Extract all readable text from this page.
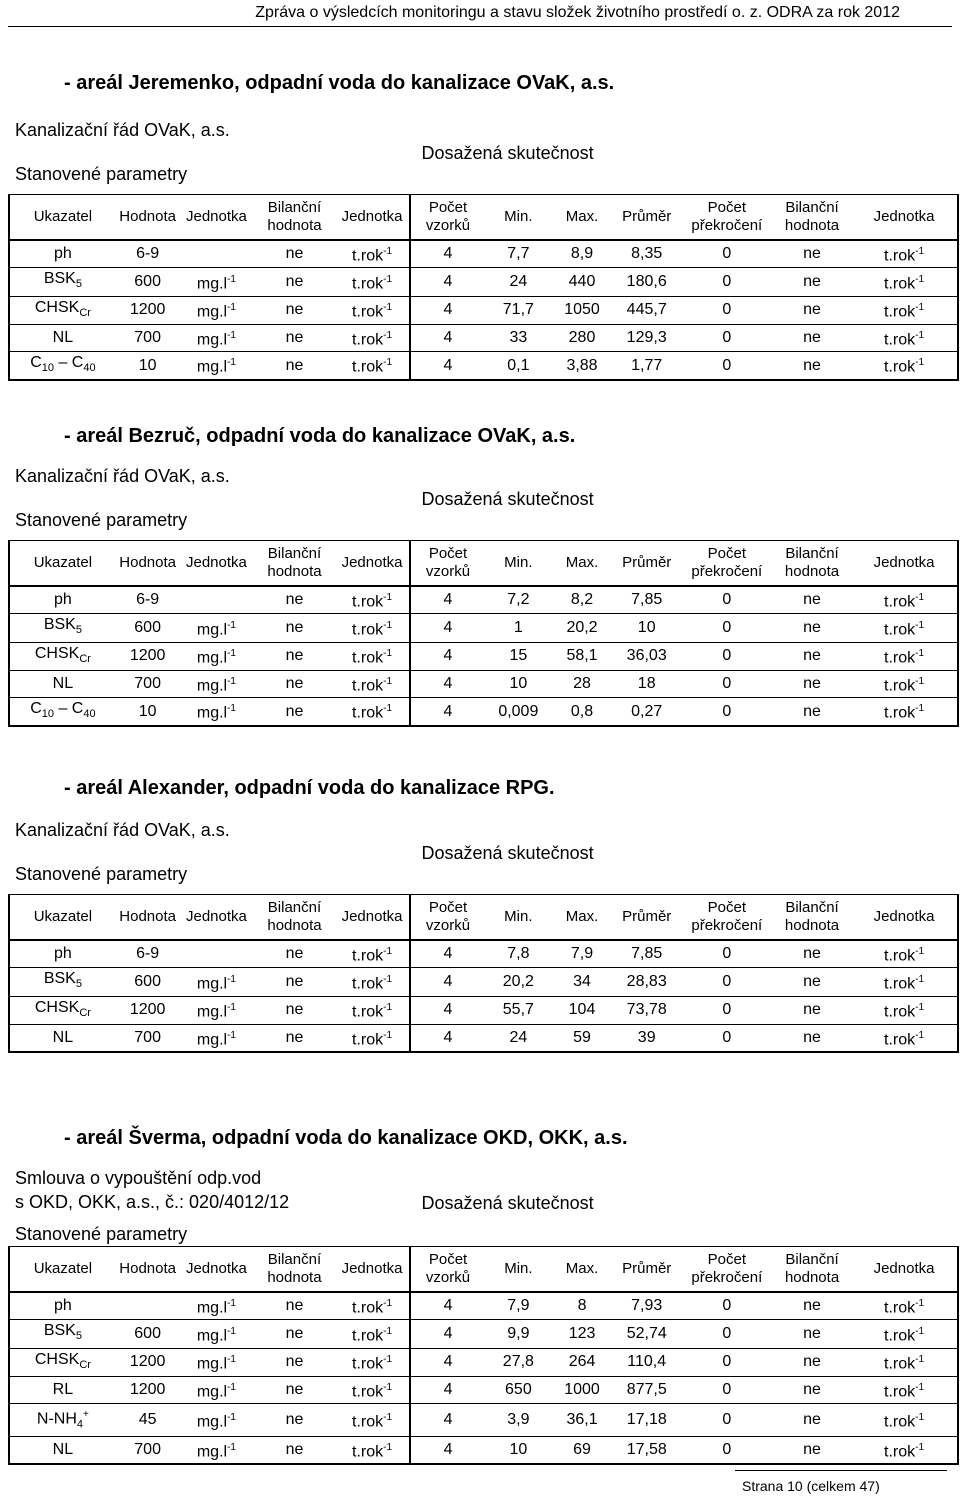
Zpráva o výsledcích monitoringu a stavu složek životního prostředí o. z. ODRA za rok 2012
- areál Jeremenko, odpadní voda do kanalizace OVaK, a.s.
Kanalizační řád OVaK, a.s.
Stanovené parametry					Dosažená skutečnost						
Ukazatel	Hodnota	Jednotka	Bilanční hodnota	Jednotka	Počet vzorků	Min.	Max.	Průměr	Počet překročení	Bilanční hodnota	Jednotka
ph	6-9		ne	t.rok$^{-1}$	4	7,7	8,9	8,35	0	ne	t.rok$^{-1}$
$BSK_5$	600	$mg.l^{-1}$	ne	t.rok$^{-1}$	4	24	440	180,6	0	ne	t.rok$^{-1}$
$CHSK_{Cr}$	1200	$mg.l^{-1}$	ne	t.rok$^{-1}$	4	71,7	1050	445,7	0	ne	t.rok$^{-1}$
NL	700	$mg.l^{-1}$	ne	t.rok$^{-1}$	4	33	280	129,3	0	ne	t.rok$^{-1}$
$C_{10} - C_{40}$	10	$mg.l^{-1}$	ne	t.rok$^{-1}$	4	0,1	3,88	1,77	0	ne	t.rok$^{-1}$
- areál Bezruč, odpadní voda do kanalizace OVaK, a.s.
Kanalizační řád OVaK, a.s.
Stanovené parametry					Dosažená skutečnost						
Ukazatel	Hodnota	Jednotka	Bilanční hodnota	Jednotka	Počet vzorků	Min.	Max.	Průměr	Počet překročení	Bilanční hodnota	Jednotka
ph	6-9		ne	t.rok$^{-1}$	4	7,2	8,2	7,85	0	ne	t.rok$^{-1}$
$BSK_5$	600	$mg.l^{-1}$	ne	t.rok$^{-1}$	4	1	20,2	10	0	ne	t.rok$^{-1}$
$CHSK_{Cr}$	1200	$mg.l^{-1}$	ne	t.rok$^{-1}$	4	15	58,1	36,03	0	ne	t.rok$^{-1}$
NL	700	$mg.l^{-1}$	ne	t.rok$^{-1}$	4	10	28	18	0	ne	t.rok$^{-1}$
$C_{10} - C_{40}$	10	$mg.l^{-1}$	ne	t.rok$^{-1}$	4	0,009	0,8	0,27	0	ne	t.rok$^{-1}$
- areál Alexander, odpadní voda do kanalizace RPG.
Kanalizační řád OVaK, a.s.
Stanovené parametry					Dosažená skutečnost						
Ukazatel	Hodnota	Jednotka	Bilanční hodnota	Jednotka	Počet vzorků	Min.	Max.	Průměr	Počet překročení	Bilanční hodnota	Jednotka
ph	6-9		ne	t.rok$^{-1}$	4	7,8	7,9	7,85	0	ne	t.rok$^{-1}$
$BSK_5$	600	$mg.l^{-1}$	ne	t.rok$^{-1}$	4	20,2	34	28,83	0	ne	t.rok$^{-1}$
$CHSK_{Cr}$	1200	$mg.l^{-1}$	ne	t.rok$^{-1}$	4	55,7	104	73,78	0	ne	t.rok$^{-1}$
NL	700	$mg.l^{-1}$	ne	t.rok$^{-1}$	4	24	59	39	0	ne	t.rok$^{-1}$
- areál Šverma, odpadní voda do kanalizace OKD, OKK, a.s.
Smlouva o vypouštění odp.vod
s OKD, OKK, a.s., č.: 020/4012/12
Stanovené parametry					Dosažená skutečnost						
Ukazatel	Hodnota	Jednotka	Bilanční hodnota	Jednotka	Počet vzorků	Min.	Max.	Průměr	Počet překročení	Bilanční hodnota	Jednotka
ph		$mg.l^{-1}$	ne	t.rok$^{-1}$	4	7,9	8	7,93	0	ne	t.rok$^{-1}$
$BSK_5$	600	$mg.l^{-1}$	ne	t.rok$^{-1}$	4	9,9	123	52,74	0	ne	t.rok$^{-1}$
$CHSK_{Cr}$	1200	$mg.l^{-1}$	ne	t.rok$^{-1}$	4	27,8	264	110,4	0	ne	t.rok$^{-1}$
RL	1200	$mg.l^{-1}$	ne	t.rok$^{-1}$	4	650	1000	877,5	0	ne	t.rok$^{-1}$
$N-NH_4^+$	45	$mg.l^{-1}$	ne	t.rok$^{-1}$	4	3,9	36,1	17,18	0	ne	t.rok$^{-1}$
NL	700	$mg.l^{-1}$	ne	t.rok$^{-1}$	4	10	69	17,58	0	ne	t.rok$^{-1}$
Strana 10 (celkem 47)
